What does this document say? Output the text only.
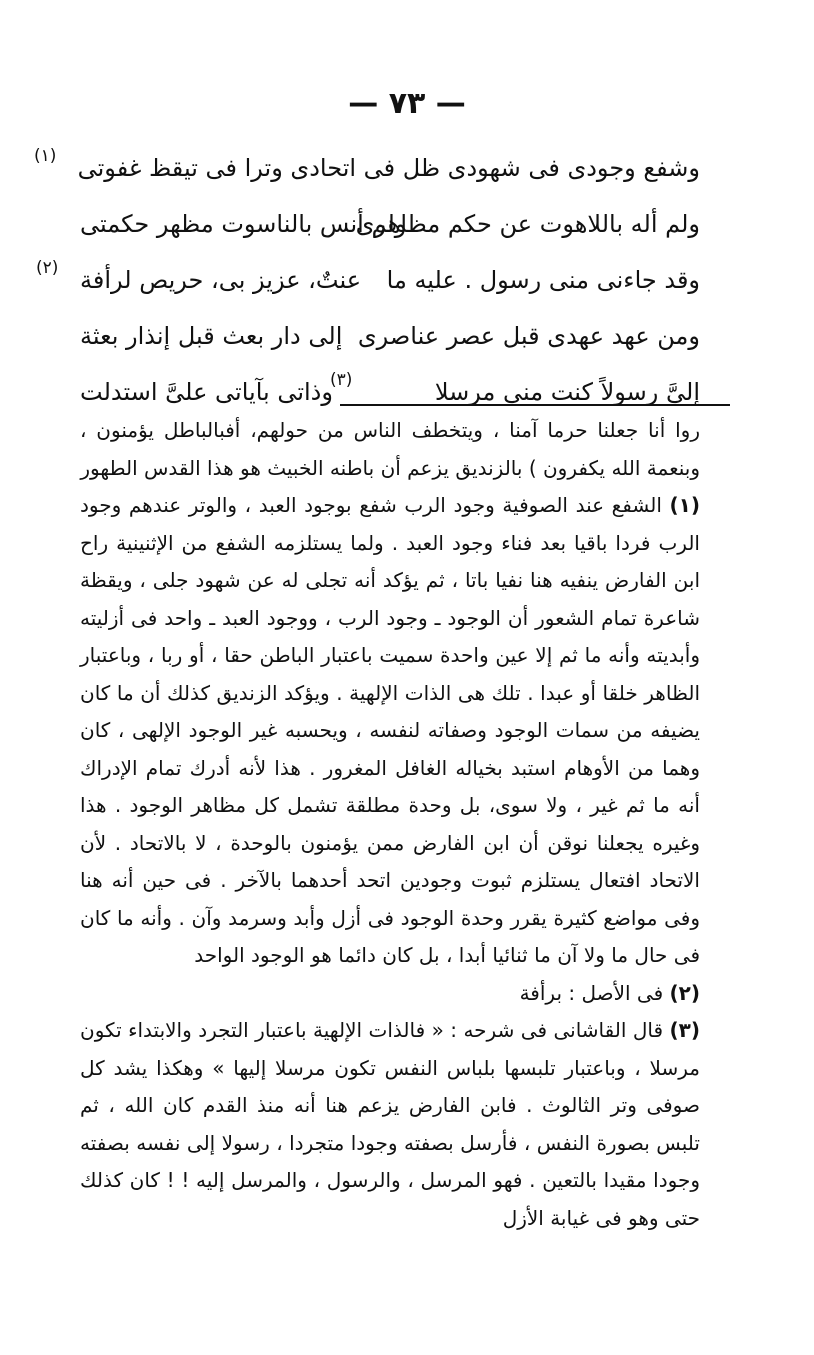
— ٧٣ —
وشفع وجودى فى شهودى ظل فى اتحادى وترا فى تيقظ غفوتى
(١)
ولم أله باللاهوت عن حكم مظاهرى
ولم أنس بالناسوت مظهر حكمتى
وقد جاءنى منى رسول . عليه ما
عنتٌ، عزيز بى، حريص لرأفة
(٢)
ومن عهد عهدى قبل عصر عناصرى
إلى دار بعث قبل إنذار بعثة
إلىَّ رسولاً كنت منى مرسلا
وذاتى بآياتى علىَّ استدلت
(٣)

روا أنا جعلنا حرما آمنا ، ويتخطف الناس من حولهم، أفبالباطل يؤمنون ، وبنعمة الله يكفرون ) بالزنديق يزعم أن باطنه الخبيث هو هذا القدس الطهور

(١) الشفع عند الصوفية وجود الرب شفع بوجود العبد ، والوتر عندهم وجود الرب فردا باقيا بعد فناء وجود العبد . ولما يستلزمه الشفع من الإثنينية راح ابن الفارض ينفيه هنا نفيا باتا ، ثم يؤكد أنه تجلى له عن شهود جلى ، ويقظة شاعرة تمام الشعور أن الوجود ـ وجود الرب ، ووجود العبد ـ واحد فى أزليته وأبديته وأنه ما ثم إلا عين واحدة سميت باعتبار الباطن حقا ، أو ربا ، وباعتبار الظاهر خلقا أو عبدا . تلك هى الذات الإلهية . ويؤكد الزنديق كذلك أن ما كان يضيفه من سمات الوجود وصفاته لنفسه ، ويحسبه غير الوجود الإلهى ، كان وهما من الأوهام استبد بخياله الغافل المغرور . هذا لأنه أدرك تمام الإدراك أنه ما ثم غير ، ولا سوى، بل وحدة مطلقة تشمل كل مظاهر الوجود . هذا وغيره يجعلنا نوقن أن ابن الفارض ممن يؤمنون بالوحدة ، لا بالاتحاد . لأن الاتحاد افتعال يستلزم ثبوت وجودين اتحد أحدهما بالآخر . فى حين أنه هنا وفى مواضع كثيرة يقرر وحدة الوجود فى أزل وأبد وسرمد وآن . وأنه ما كان فى حال ما ولا آن ما ثنائيا أبدا ، بل كان دائما هو الوجود الواحد

(٢) فى الأصل : برأفة

(٣) قال القاشانى فى شرحه : « فالذات الإلهية باعتبار التجرد والابتداء تكون مرسلا ، وباعتبار تلبسها بلباس النفس تكون مرسلا إليها » وهكذا يشد كل صوفى وتر الثالوث . فابن الفارض يزعم هنا أنه منذ القدم كان الله ، ثم تلبس بصورة النفس ، فأرسل بصفته وجودا متجردا ، رسولا إلى نفسه بصفته وجودا مقيدا بالتعين . فهو المرسل ، والرسول ، والمرسل إليه ! ! كان كذلك حتى وهو فى غيابة الأزل
